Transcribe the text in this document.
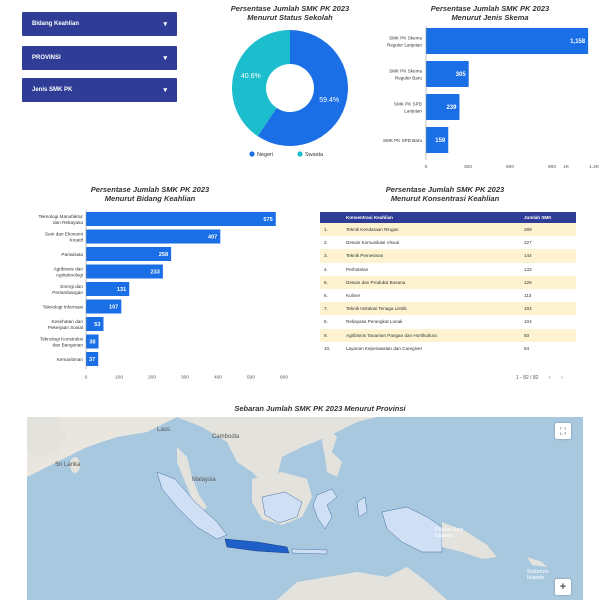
Bidang Keahlian	▾
PROVINSI	▾
Jenis SMK PK	▾
Persentase Jumlah SMK PK 2023
Menurut Status Sekolah
59.4%
40.6%
Negeri	Swasta
Persentase Jumlah SMK PK 2023
Menurut Jenis Skema
1,158
SMK PK Skema
Reguler Lanjutan
305
SMK PK Skema
Reguler Baru
239
SMK PK SPD
Lanjutan
159
SMK PK SPD Baru
0	300	600	900 1K	1.2K
Persentase Jumlah SMK PK 2023
Menurut Bidang Keahlian
575
Teknologi Manufaktur
dan Rekayasa
407
Seni dan Ekonomi
Kreatif
258
Pariwisata
233
Agribisnis dan
Agriteknologi
131
Energi dan
Pertambangan
107
Teknologi Informasi
53
Kesehatan dan
Pekerjaan Sosial
38
Teknologi Konstruksi
dan Bangunan
37
Kemaritiman
0	100	200	300	400	500	600
Persentase Jumlah SMK PK 2023
Menurut Konsentrasi Keahlian
	Konsentrasi Keahlian	Jumlah SMK
1.	Teknik Kendaraan Ringan	289
2.	Desain Komunikasi Visual	227
3.	Teknik Pemesinan	144
4.	Perhotelan	133
5.	Desain dan Produksi Busana	126
6.	Kuliner	113
7.	Teknik Instalasi Tenaga Listrik	104
8.	Rekayasa Perangkat Lunak	104
9.	Agribisnis Tanaman Pangan dan Hortikultura	93
10.	Layanan Keperawatan dan Caregiver	84
1 - 82 / 82 ‹ ›
Sebaran Jumlah SMK PK 2023 Menurut Provinsi
Laos
Cambodia
Sri Lanka
Malaysia
Papua New Guinea
Solomon Islands
⛶
+
